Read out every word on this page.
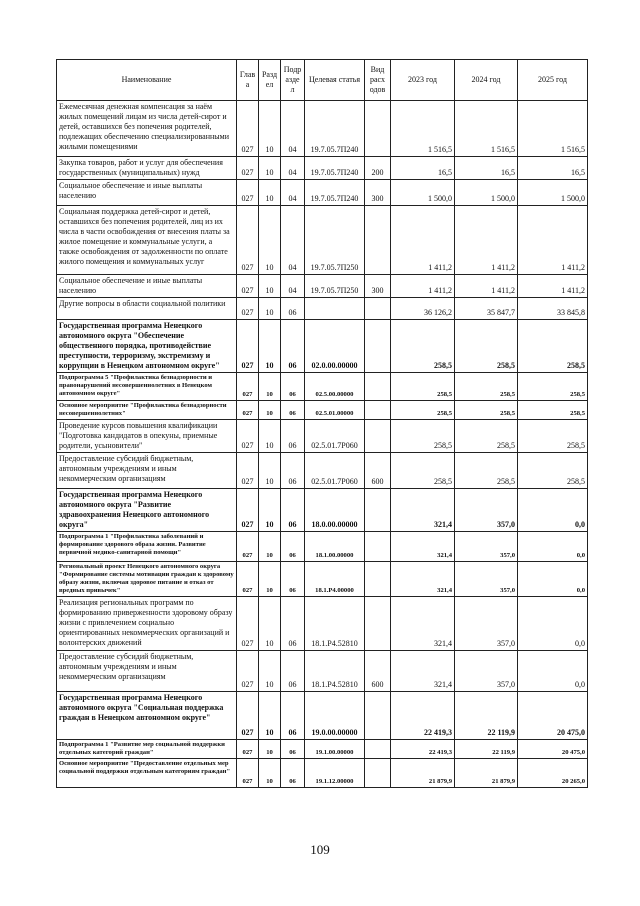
Наименование	Глав а	Разд ел	Подр азде л	Целевая статья	Вид расх одов	2023 год	2024 год	2025 год
Ежемесячная денежная компенсация за наём жилых помещений лицам из числа детей-сирот и детей, оставшихся без попечения родителей, подлежащих обеспечению специализированными жилыми помещениями	027	10	04	19.7.05.7П240		1 516,5	1 516,5	1 516,5
Закупка товаров, работ и услуг для обеспечения государственных (муниципальных) нужд	027	10	04	19.7.05.7П240	200	16,5	16,5	16,5
Социальное обеспечение и иные выплаты населению	027	10	04	19.7.05.7П240	300	1 500,0	1 500,0	1 500,0
Социальная поддержка детей-сирот и детей, оставшихся без попечения родителей, лиц из их числа в части освобождения от внесения платы за жилое помещение и коммунальные услуги, а также освобождения от задолженности по оплате жилого помещения и коммунальных услуг	027	10	04	19.7.05.7П250		1 411,2	1 411,2	1 411,2
Социальное обеспечение и иные выплаты населению	027	10	04	19.7.05.7П250	300	1 411,2	1 411,2	1 411,2
Другие вопросы в области социальной политики	027	10	06			36 126,2	35 847,7	33 845,8
Государственная программа Ненецкого автономного округа "Обеспечение общественного порядка, противодействие преступности, терроризму, экстремизму и коррупции в Ненецком автономном округе"	027	10	06	02.0.00.00000		258,5	258,5	258,5
Подпрограмма 5 "Профилактика безнадзорности и правонарушений несовершеннолетних в Ненецком автономном округе"	027	10	06	02.5.00.00000		258,5	258,5	258,5
Основное мероприятие "Профилактика безнадзорности несовершеннолетних"	027	10	06	02.5.01.00000		258,5	258,5	258,5
Проведение курсов повышения квалификации "Подготовка кандидатов в опекуны, приемные родители, усыновители"	027	10	06	02.5.01.7Р060		258,5	258,5	258,5
Предоставление субсидий бюджетным, автономным учреждениям и иным некоммерческим организациям	027	10	06	02.5.01.7Р060	600	258,5	258,5	258,5
Государственная программа Ненецкого автономного округа "Развитие здравоохранения Ненецкого автономного округа"	027	10	06	18.0.00.00000		321,4	357,0	0,0
Подпрограмма 1 "Профилактика заболеваний и формирование здорового образа жизни. Развитие первичной медико-санитарной помощи"	027	10	06	18.1.00.00000		321,4	357,0	0,0
Региональный проект Ненецкого автономного округа "Формирование системы мотивации граждан к здоровому образу жизни, включая здоровое питание и отказ от вредных привычек"	027	10	06	18.1.Р4.00000		321,4	357,0	0,0
Реализация региональных программ по формированию приверженности здоровому образу жизни с привлечением социально ориентированных некоммерческих организаций и волонтерских движений	027	10	06	18.1.Р4.52810		321,4	357,0	0,0
Предоставление субсидий бюджетным, автономным учреждениям и иным некоммерческим организациям	027	10	06	18.1.Р4.52810	600	321,4	357,0	0,0
Государственная программа Ненецкого автономного округа "Социальная поддержка граждан в Ненецком автономном округе"	027	10	06	19.0.00.00000		22 419,3	22 119,9	20 475,0
Подпрограмма 1 "Развитие мер социальной поддержки отдельных категорий граждан"	027	10	06	19.1.00.00000		22 419,3	22 119,9	20 475,0
Основное мероприятие "Предоставление отдельных мер социальной поддержки отдельным категориям граждан"	027	10	06	19.1.12.00000		21 879,9	21 879,9	20 265,0
109
